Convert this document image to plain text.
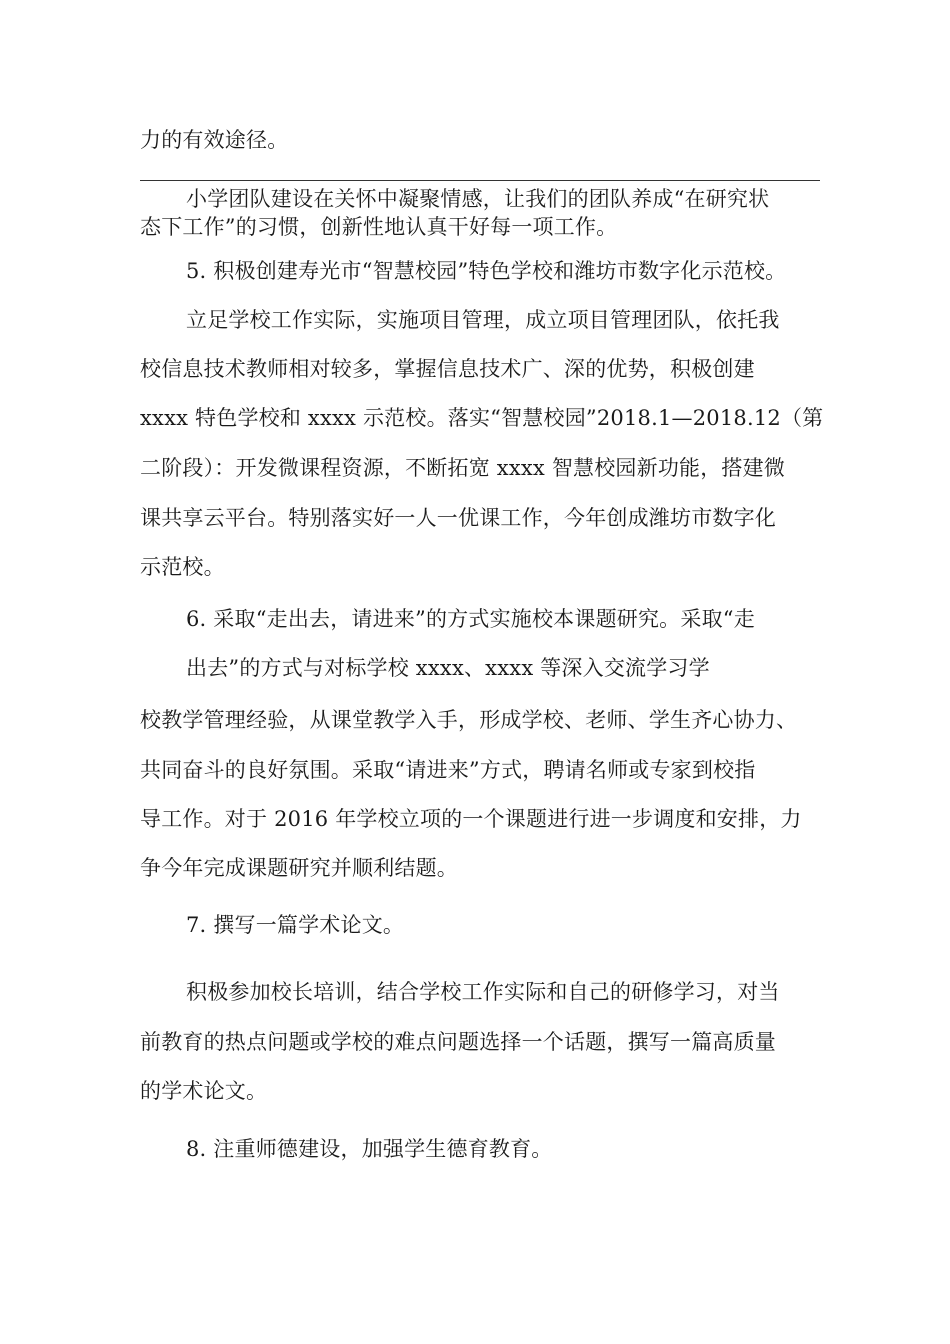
力的有效途径。
小学团队建设在关怀中凝聚情感，让我们的团队养成“在研究状
态下工作”的习惯，创新性地认真干好每一项工作。
5. 积极创建寿光市“智慧校园”特色学校和潍坊市数字化示范校。
立足学校工作实际，实施项目管理，成立项目管理团队，依托我
校信息技术教师相对较多，掌握信息技术广、深的优势，积极创建
xxxx 特色学校和 xxxx 示范校。落实“智慧校园”2018.1—2018.12（第
二阶段）：开发微课程资源，不断拓宽 xxxx 智慧校园新功能，搭建微
课共享云平台。特别落实好一人一优课工作，今年创成潍坊市数字化
示范校。
6. 采取“走出去，请进来”的方式实施校本课题研究。采取“走
出去”的方式与对标学校 xxxx、xxxx 等深入交流学习学
校教学管理经验，从课堂教学入手，形成学校、老师、学生齐心协力、
共同奋斗的良好氛围。采取“请进来”方式，聘请名师或专家到校指
导工作。对于 2016 年学校立项的一个课题进行进一步调度和安排，力
争今年完成课题研究并顺利结题。
7. 撰写一篇学术论文。
积极参加校长培训，结合学校工作实际和自己的研修学习，对当
前教育的热点问题或学校的难点问题选择一个话题，撰写一篇高质量
的学术论文。
8. 注重师德建设，加强学生德育教育。
